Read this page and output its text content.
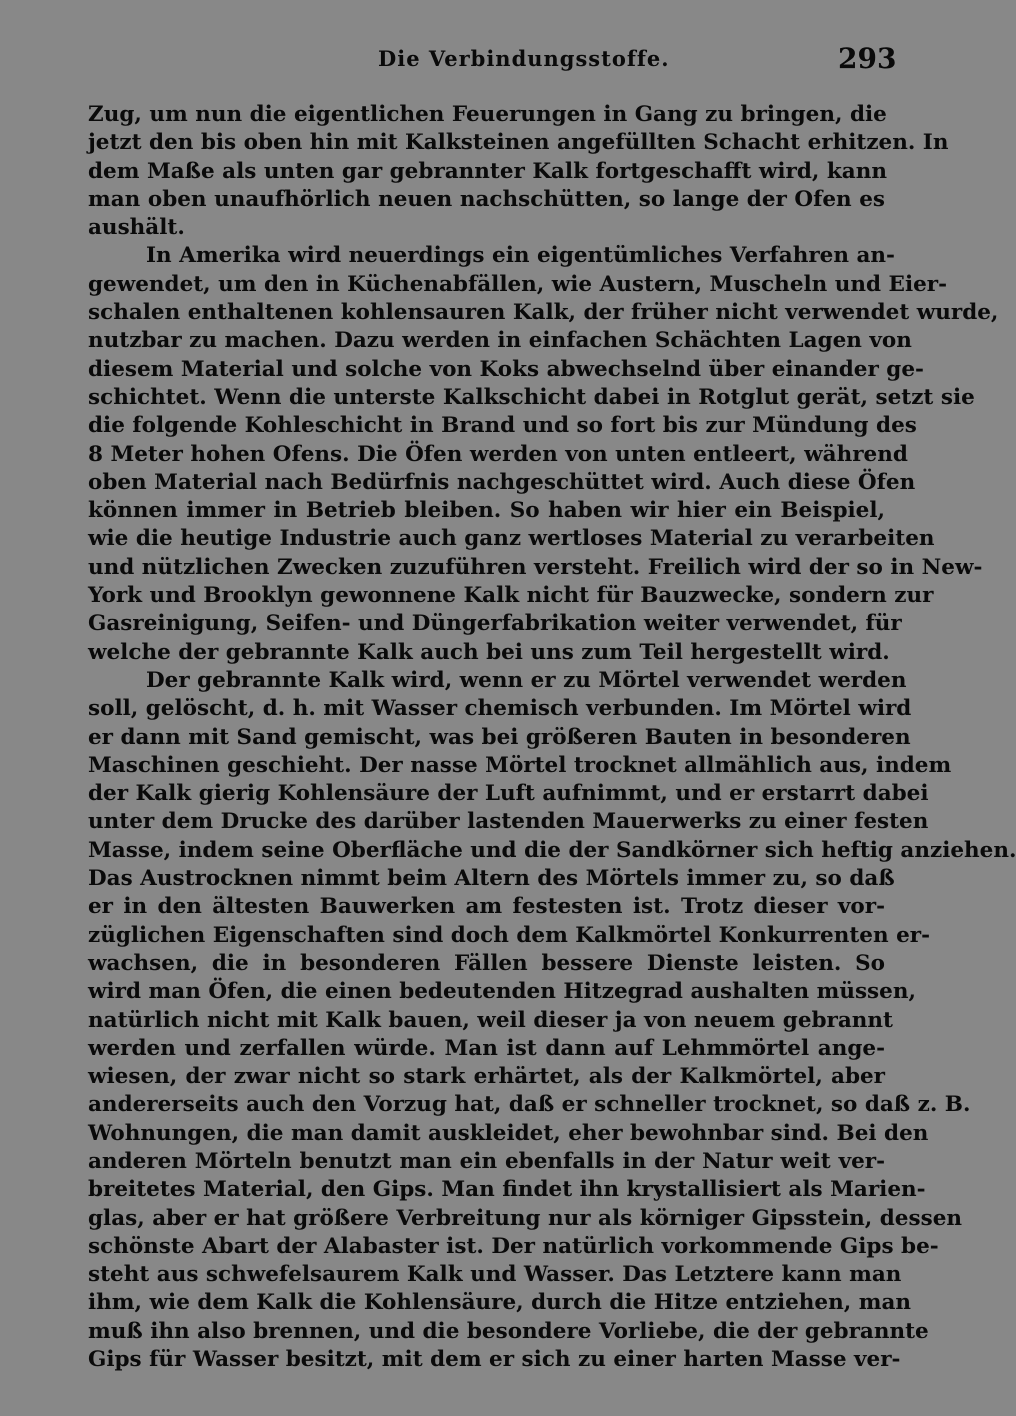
Die Verbindungsstoffe.	293
Zug, um nun die eigentlichen Feuerungen in Gang zu bringen, die
jetzt den bis oben hin mit Kalksteinen angefüllten Schacht erhitzen. In
dem Maße als unten gar gebrannter Kalk fortgeschafft wird, kann
man oben unaufhörlich neuen nachschütten, so lange der Ofen es
aushält.
In Amerika wird neuerdings ein eigentümliches Verfahren an-
gewendet, um den in Küchenabfällen, wie Austern, Muscheln und Eier-
schalen enthaltenen kohlensauren Kalk, der früher nicht verwendet wurde,
nutzbar zu machen. Dazu werden in einfachen Schächten Lagen von
diesem Material und solche von Koks abwechselnd über einander ge-
schichtet. Wenn die unterste Kalkschicht dabei in Rotglut gerät, setzt sie
die folgende Kohleschicht in Brand und so fort bis zur Mündung des
8 Meter hohen Ofens. Die Öfen werden von unten entleert, während
oben Material nach Bedürfnis nachgeschüttet wird. Auch diese Öfen
können immer in Betrieb bleiben. So haben wir hier ein Beispiel,
wie die heutige Industrie auch ganz wertloses Material zu verarbeiten
und nützlichen Zwecken zuzuführen versteht. Freilich wird der so in New-
York und Brooklyn gewonnene Kalk nicht für Bauzwecke, sondern zur
Gasreinigung, Seifen- und Düngerfabrikation weiter verwendet, für
welche der gebrannte Kalk auch bei uns zum Teil hergestellt wird.
Der gebrannte Kalk wird, wenn er zu Mörtel verwendet werden
soll, gelöscht, d. h. mit Wasser chemisch verbunden. Im Mörtel wird
er dann mit Sand gemischt, was bei größeren Bauten in besonderen
Maschinen geschieht. Der nasse Mörtel trocknet allmählich aus, indem
der Kalk gierig Kohlensäure der Luft aufnimmt, und er erstarrt dabei
unter dem Drucke des darüber lastenden Mauerwerks zu einer festen
Masse, indem seine Oberfläche und die der Sandkörner sich heftig anziehen.
Das Austrocknen nimmt beim Altern des Mörtels immer zu, so daß
er in den ältesten Bauwerken am festesten ist. Trotz dieser vor-
züglichen Eigenschaften sind doch dem Kalkmörtel Konkurrenten er-
wachsen, die in besonderen Fällen bessere Dienste leisten. So
wird man Öfen, die einen bedeutenden Hitzegrad aushalten müssen,
natürlich nicht mit Kalk bauen, weil dieser ja von neuem gebrannt
werden und zerfallen würde. Man ist dann auf Lehmmörtel ange-
wiesen, der zwar nicht so stark erhärtet, als der Kalkmörtel, aber
andererseits auch den Vorzug hat, daß er schneller trocknet, so daß z. B.
Wohnungen, die man damit auskleidet, eher bewohnbar sind. Bei den
anderen Mörteln benutzt man ein ebenfalls in der Natur weit ver-
breitetes Material, den Gips. Man findet ihn krystallisiert als Marien-
glas, aber er hat größere Verbreitung nur als körniger Gipsstein, dessen
schönste Abart der Alabaster ist. Der natürlich vorkommende Gips be-
steht aus schwefelsaurem Kalk und Wasser. Das Letztere kann man
ihm, wie dem Kalk die Kohlensäure, durch die Hitze entziehen, man
muß ihn also brennen, und die besondere Vorliebe, die der gebrannte
Gips für Wasser besitzt, mit dem er sich zu einer harten Masse ver-
